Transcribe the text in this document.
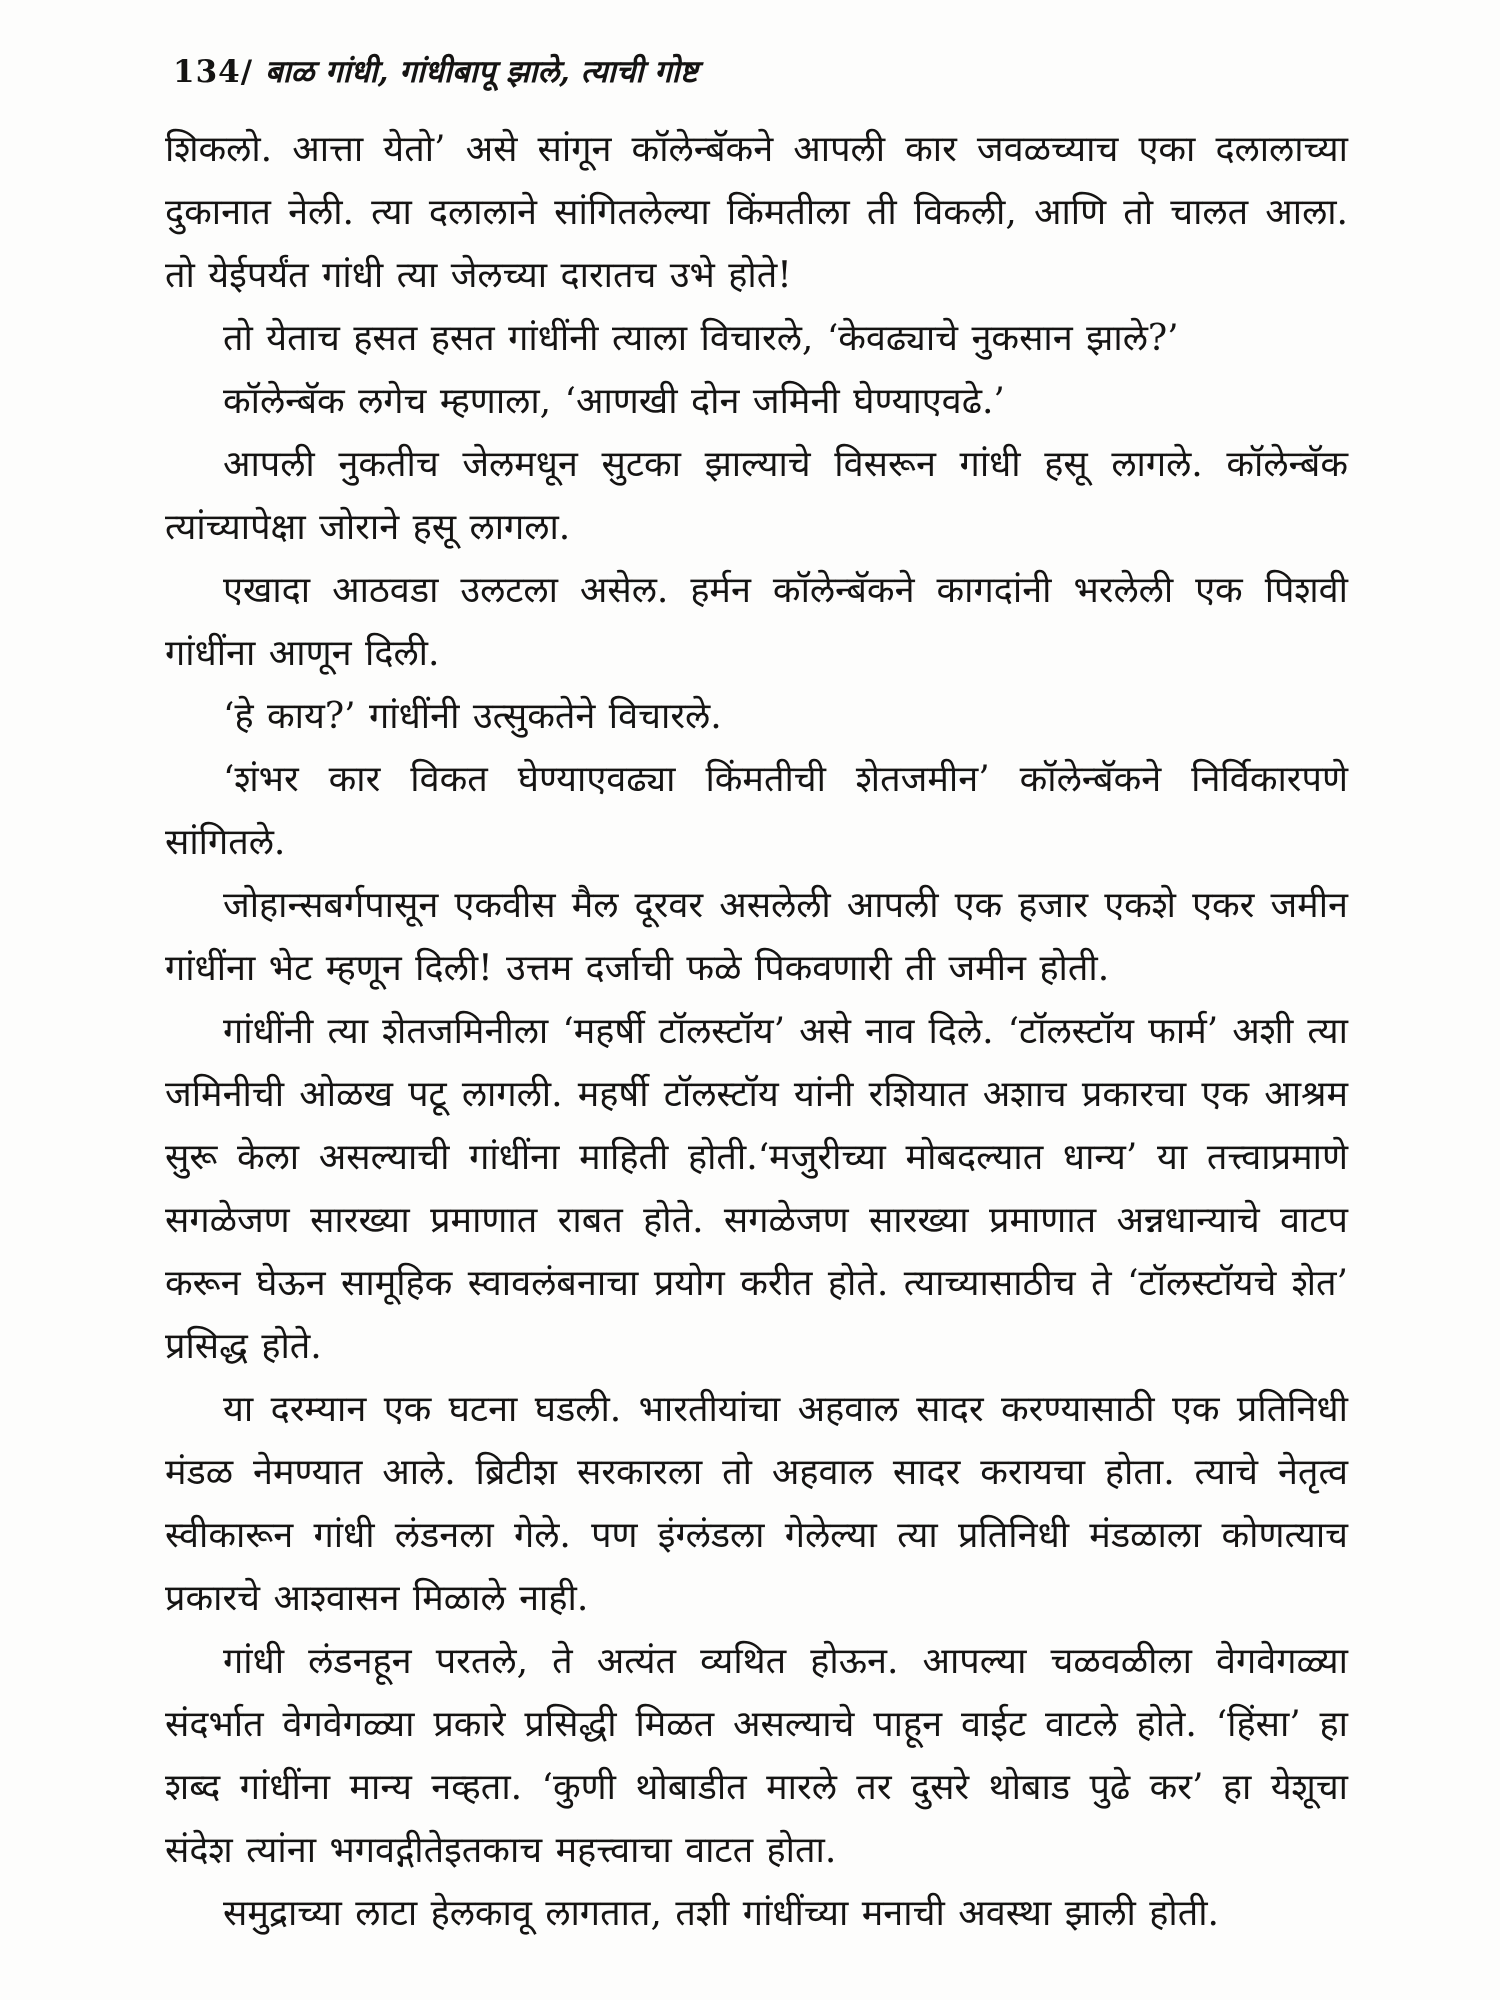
134/ बाळ गांधी, गांधीबापू झाले, त्याची गोष्ट

शिकलो. आत्ता येतो’ असे सांगून कॉलेन्बॅकने आपली कार जवळच्याच एका दलालाच्या दुकानात नेली. त्या दलालाने सांगितलेल्या किंमतीला ती विकली, आणि तो चालत आला. तो येईपर्यंत गांधी त्या जेलच्या दारातच उभे होते!

तो येताच हसत हसत गांधींनी त्याला विचारले, ‘केवढ्याचे नुकसान झाले?’

कॉलेन्बॅक लगेच म्हणाला, ‘आणखी दोन जमिनी घेण्याएवढे.’

आपली नुकतीच जेलमधून सुटका झाल्याचे विसरून गांधी हसू लागले. कॉलेन्बॅक त्यांच्यापेक्षा जोराने हसू लागला.

एखादा आठवडा उलटला असेल. हर्मन कॉलेन्बॅकने कागदांनी भरलेली एक पिशवी गांधींना आणून दिली.

‘हे काय?’ गांधींनी उत्सुकतेने विचारले.

‘शंभर कार विकत घेण्याएवढ्या किंमतीची शेतजमीन’ कॉलेन्बॅकने निर्विकारपणे सांगितले.

जोहान्सबर्गपासून एकवीस मैल दूरवर असलेली आपली एक हजार एकशे एकर जमीन गांधींना भेट म्हणून दिली! उत्तम दर्जाची फळे पिकवणारी ती जमीन होती.

गांधींनी त्या शेतजमिनीला ‘महर्षी टॉलस्टॉय’ असे नाव दिले. ‘टॉलस्टॉय फार्म’ अशी त्या जमिनीची ओळख पटू लागली. महर्षी टॉलस्टॉय यांनी रशियात अशाच प्रकारचा एक आश्रम सुरू केला असल्याची गांधींना माहिती होती.‘मजुरीच्या मोबदल्यात धान्य’ या तत्त्वाप्रमाणे सगळेजण सारख्या प्रमाणात राबत होते. सगळेजण सारख्या प्रमाणात अन्नधान्याचे वाटप करून घेऊन सामूहिक स्वावलंबनाचा प्रयोग करीत होते. त्याच्यासाठीच ते ‘टॉलस्टॉयचे शेत’ प्रसिद्ध होते.

या दरम्यान एक घटना घडली. भारतीयांचा अहवाल सादर करण्यासाठी एक प्रतिनिधी मंडळ नेमण्यात आले. ब्रिटीश सरकारला तो अहवाल सादर करायचा होता. त्याचे नेतृत्व स्वीकारून गांधी लंडनला गेले. पण इंग्लंडला गेलेल्या त्या प्रतिनिधी मंडळाला कोणत्याच प्रकारचे आश्वासन मिळाले नाही.

गांधी लंडनहून परतले, ते अत्यंत व्यथित होऊन. आपल्या चळवळीला वेगवेगळ्या संदर्भात वेगवेगळ्या प्रकारे प्रसिद्धी मिळत असल्याचे पाहून वाईट वाटले होते. ‘हिंसा’ हा शब्द गांधींना मान्य नव्हता. ‘कुणी थोबाडीत मारले तर दुसरे थोबाड पुढे कर’ हा येशूचा संदेश त्यांना भगवद्गीतेइतकाच महत्त्वाचा वाटत होता.

समुद्राच्या लाटा हेलकावू लागतात, तशी गांधींच्या मनाची अवस्था झाली होती.
